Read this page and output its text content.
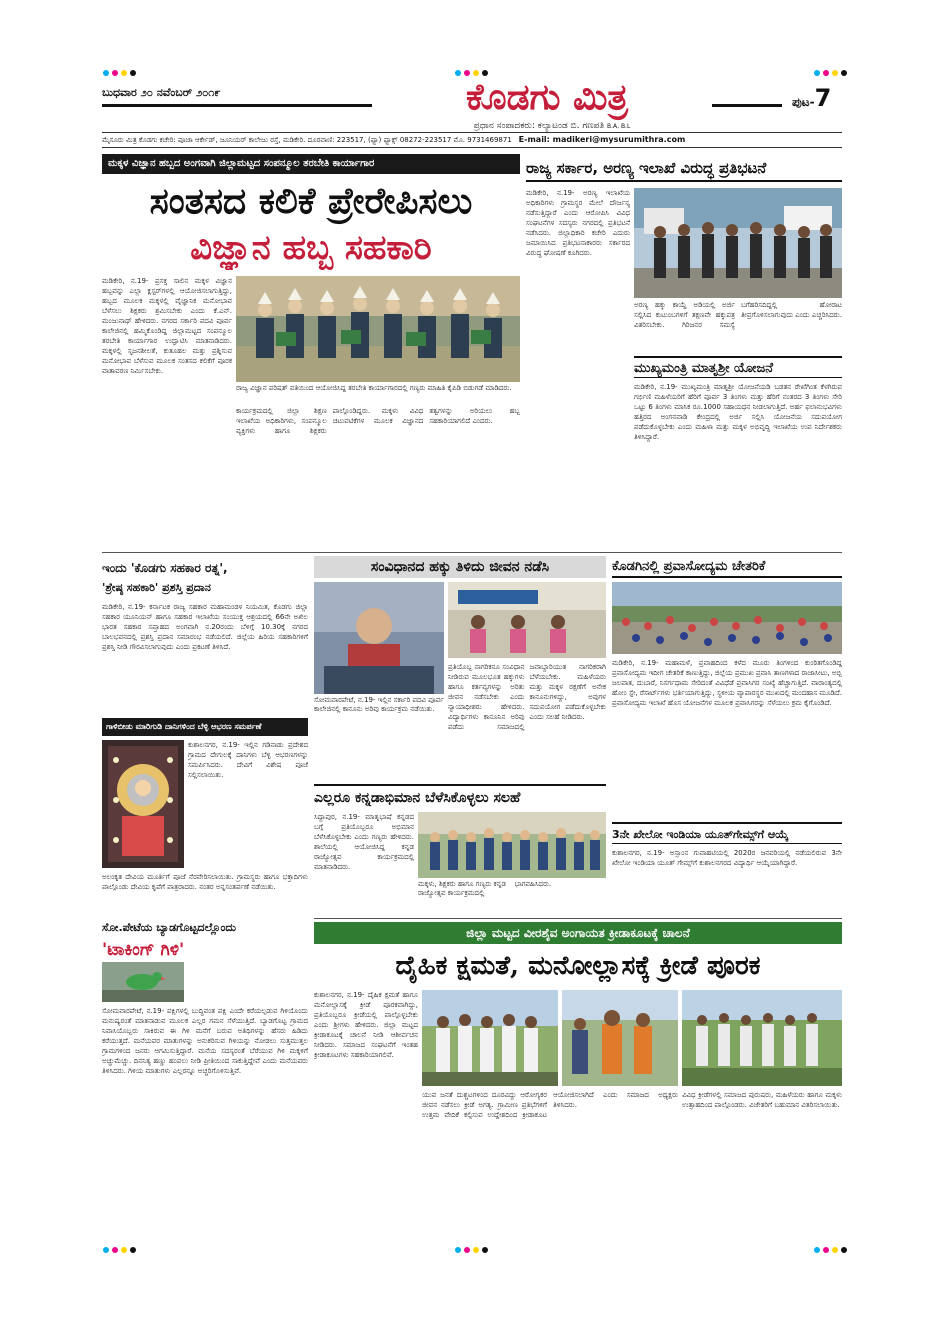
ಬುಧವಾರ ೨೦ ನವೆಂಬರ್ ೨೦೧೯	ಕೊಡಗು ಮಿತ್ರ	ಪುಟ-7
ಪ್ರಧಾನ ಸಂಪಾದಕರು: ಕಲ್ಯಾಟಂಡ ಬಿ. ಗಣಪತಿ B.A, B.L
ಮೈಸೂರು ಮಿತ್ರ ಕೊಡಗು ಕಚೇರಿ: ಪೂಜಾ ಆರ್ಕೇಡ್, ಜೂನಿಯರ್ ಕಾಲೇಜು ರಸ್ತೆ, ಮಡಿಕೇರಿ. ದೂರವಾಣಿ: 223517, (ಫ್ಯಾ) ಫ್ಯಾಕ್ಸ್ 08272-223517 ಮೊ. 9731469871 E-mail: madikeri@mysurumithra.com
ಮಕ್ಕಳ ವಿಜ್ಞಾನ ಹಬ್ಬದ ಅಂಗವಾಗಿ ಜಿಲ್ಲಾಮಟ್ಟದ ಸಂಪನ್ಮೂಲ ತರಬೇತಿ ಕಾರ್ಯಾಗಾರ
ಸಂತಸದ ಕಲಿಕೆ ಪ್ರೇರೇಪಿಸಲು
ವಿಜ್ಞಾನ ಹಬ್ಬ ಸಹಕಾರಿ
ಮಡಿಕೇರಿ, ನ.19- ಪ್ರಸಕ್ತ ಸಾಲಿನ ಮಕ್ಕಳ ವಿಜ್ಞಾನ ಹಬ್ಬವನ್ನು ಎಲ್ಲಾ ಕ್ಲಸ್ಟರ್‌ಗಳಲ್ಲಿ ಆಯೋಜಿಸಲಾಗುತ್ತಿದ್ದು, ಹಬ್ಬದ ಮೂಲಕ ಮಕ್ಕಳಲ್ಲಿ ವೈಜ್ಞಾನಿಕ ಮನೋಭಾವ ಬೆಳೆಸಲು ಶಿಕ್ಷಕರು ಶ್ರಮಿಸಬೇಕು ಎಂದು ಕೆ.ಎನ್. ಮಂಜುನಾಥ್ ಹೇಳಿದರು. ನಗರದ ಸರ್ಕಾರಿ ಪದವಿ ಪೂರ್ವ ಕಾಲೇಜಿನಲ್ಲಿ ಹಮ್ಮಿಕೊಂಡಿದ್ದ ಜಿಲ್ಲಾಮಟ್ಟದ ಸಂಪನ್ಮೂಲ ತರಬೇತಿ ಕಾರ್ಯಾಗಾರ ಉದ್ಘಾಟಿಸಿ ಮಾತನಾಡಿದರು. ಮಕ್ಕಳಲ್ಲಿ ಸೃಜನಶೀಲತೆ, ಕುತೂಹಲ ಮತ್ತು ಪ್ರಶ್ನಿಸುವ ಮನೋಭಾವ ಬೆಳೆಸುವ ಮೂಲಕ ಸಂತಸದ ಕಲಿಕೆಗೆ ಪೂರಕ ವಾತಾವರಣ ನಿರ್ಮಿಸಬೇಕು.
ರಾಜ್ಯ ವಿಜ್ಞಾನ ಪರಿಷತ್ ವತಿಯಿಂದ ಆಯೋಜಿಸಿದ್ದ ತರಬೇತಿ ಕಾರ್ಯಾಗಾರದಲ್ಲಿ ಗಣ್ಯರು ಮಾಹಿತಿ ಕೈಪಿಡಿ ಬಿಡುಗಡೆ ಮಾಡಿದರು.
ಕಾರ್ಯಕ್ರಮದಲ್ಲಿ ಜಿಲ್ಲಾ ಶಿಕ್ಷಣ ಇಲಾಖೆಯ ಅಧಿಕಾರಿಗಳು, ಸಂಪನ್ಮೂಲ ವ್ಯಕ್ತಿಗಳು ಹಾಗೂ ಶಿಕ್ಷಕರು ಪಾಲ್ಗೊಂಡಿದ್ದರು. ಮಕ್ಕಳು ವಿವಿಧ ಚಟುವಟಿಕೆಗಳ ಮೂಲಕ ವಿಜ್ಞಾನದ ತತ್ವಗಳನ್ನು ಅರಿಯಲು ಹಬ್ಬ ಸಹಕಾರಿಯಾಗಲಿದೆ ಎಂದರು.
ರಾಜ್ಯ ಸರ್ಕಾರ, ಅರಣ್ಯ ಇಲಾಖೆ ವಿರುದ್ಧ ಪ್ರತಿಭಟನೆ
ಮಡಿಕೇರಿ, ನ.19- ಅರಣ್ಯ ಇಲಾಖೆಯ ಅಧಿಕಾರಿಗಳು ಗ್ರಾಮಸ್ಥರ ಮೇಲೆ ದೌರ್ಜನ್ಯ ನಡೆಸುತ್ತಿದ್ದಾರೆ ಎಂದು ಆರೋಪಿಸಿ ವಿವಿಧ ಸಂಘಟನೆಗಳ ಸದಸ್ಯರು ನಗರದಲ್ಲಿ ಪ್ರತಿಭಟನೆ ನಡೆಸಿದರು. ಜಿಲ್ಲಾಧಿಕಾರಿ ಕಚೇರಿ ಎದುರು ಜಮಾಯಿಸಿದ ಪ್ರತಿಭಟನಾಕಾರರು ಸರ್ಕಾರದ ವಿರುದ್ಧ ಘೋಷಣೆ ಕೂಗಿದರು.
ಅರಣ್ಯ ಹಕ್ಕು ಕಾಯ್ದೆ ಅಡಿಯಲ್ಲಿ ಅರ್ಜಿ ಸಲ್ಲಿಸಿದ ಕುಟುಂಬಗಳಿಗೆ ತಕ್ಷಣವೇ ಹಕ್ಕುಪತ್ರ ವಿತರಿಸಬೇಕು. ಗಿರಿಜನರ ಸಮಸ್ಯೆ ಬಗೆಹರಿಸದಿದ್ದಲ್ಲಿ ಹೋರಾಟ ತೀವ್ರಗೊಳಿಸಲಾಗುವುದು ಎಂದು ಎಚ್ಚರಿಸಿದರು.
ಮುಖ್ಯಮಂತ್ರಿ ಮಾತೃಶ್ರೀ ಯೋಜನೆ
ಮಡಿಕೇರಿ, ನ.19- ಮುಖ್ಯಮಂತ್ರಿ ಮಾತೃಶ್ರೀ ಯೋಜನೆಯಡಿ ಬಡತನ ರೇಖೆಗಿಂತ ಕೆಳಗಿರುವ ಗರ್ಭಿಣಿ ಮಹಿಳೆಯರಿಗೆ ಹೆರಿಗೆ ಪೂರ್ವ 3 ತಿಂಗಳು ಮತ್ತು ಹೆರಿಗೆ ನಂತರದ 3 ತಿಂಗಳು ಸೇರಿ ಒಟ್ಟು 6 ತಿಂಗಳು ಮಾಸಿಕ ರೂ.1000 ಸಹಾಯಧನ ನೀಡಲಾಗುತ್ತಿದೆ. ಅರ್ಹ ಫಲಾನುಭವಿಗಳು ಹತ್ತಿರದ ಅಂಗನವಾಡಿ ಕೇಂದ್ರದಲ್ಲಿ ಅರ್ಜಿ ಸಲ್ಲಿಸಿ ಯೋಜನೆಯ ಸದುಪಯೋಗ ಪಡೆದುಕೊಳ್ಳಬೇಕು ಎಂದು ಮಹಿಳಾ ಮತ್ತು ಮಕ್ಕಳ ಅಭಿವೃದ್ಧಿ ಇಲಾಖೆಯ ಉಪ ನಿರ್ದೇಶಕರು ತಿಳಿಸಿದ್ದಾರೆ.
ಇಂದು 'ಕೊಡಗು ಸಹಕಾರ ರತ್ನ',
'ಶ್ರೇಷ್ಠ ಸಹಕಾರಿ' ಪ್ರಶಸ್ತಿ ಪ್ರದಾನ
ಮಡಿಕೇರಿ, ನ.19- ಕರ್ನಾಟಕ ರಾಜ್ಯ ಸಹಕಾರ ಮಹಾಮಂಡಳ ನಿಯಮಿತ, ಕೊಡಗು ಜಿಲ್ಲಾ ಸಹಕಾರ ಯೂನಿಯನ್ ಹಾಗೂ ಸಹಕಾರ ಇಲಾಖೆಯ ಸಂಯುಕ್ತ ಆಶ್ರಯದಲ್ಲಿ 66ನೇ ಅಖಿಲ ಭಾರತ ಸಹಕಾರ ಸಪ್ತಾಹದ ಅಂಗವಾಗಿ ನ.20ರಂದು ಬೆಳಿಗ್ಗೆ 10.30ಕ್ಕೆ ನಗರದ ಬಾಲಭವನದಲ್ಲಿ ಪ್ರಶಸ್ತಿ ಪ್ರದಾನ ಸಮಾರಂಭ ನಡೆಯಲಿದೆ. ಜಿಲ್ಲೆಯ ಹಿರಿಯ ಸಹಕಾರಿಗಳಿಗೆ ಪ್ರಶಸ್ತಿ ನೀಡಿ ಗೌರವಿಸಲಾಗುವುದು ಎಂದು ಪ್ರಕಟಣೆ ತಿಳಿಸಿದೆ.
ಗಾಳಿಬೀಡು ಮಾರಿಗುಡಿ ದಾನಿಗಳಿಂದ ಬೆಳ್ಳಿ ಆಭರಣ ಸಮರ್ಪಣೆ
ಕುಶಾಲನಗರ, ನ.19- ಇಲ್ಲಿನ ಗಡಿನಾಡು ಪ್ರದೇಶದ ಗ್ರಾಮದ ದೇಗುಲಕ್ಕೆ ದಾನಿಗಳು ಬೆಳ್ಳಿ ಆಭರಣಗಳನ್ನು ಸಮರ್ಪಿಸಿದರು. ದೇವಿಗೆ ವಿಶೇಷ ಪೂಜೆ ಸಲ್ಲಿಸಲಾಯಿತು.
ಅಲಂಕೃತ ದೇವಿಯ ಮೂರ್ತಿಗೆ ಪೂಜೆ ನೆರವೇರಿಸಲಾಯಿತು. ಗ್ರಾಮಸ್ಥರು ಹಾಗೂ ಭಕ್ತಾದಿಗಳು ಪಾಲ್ಗೊಂಡು ದೇವಿಯ ಕೃಪೆಗೆ ಪಾತ್ರರಾದರು. ನಂತರ ಅನ್ನಸಂತರ್ಪಣೆ ನಡೆಯಿತು.
ಸೋ.ಪೇಟೆಯ ಬ್ಯಾಡಗೊಟ್ಟದಲ್ಲೊಂದು
'ಟಾಕಿಂಗ್ ಗಿಳಿ'
ಸೋಮವಾರಪೇಟೆ, ನ.19- ಪಕ್ಷಿಗಳಲ್ಲಿ ಬುದ್ಧಿವಂತ ಪಕ್ಷಿ ಎಂದೇ ಕರೆಯಲ್ಪಡುವ ಗಿಳಿಯೊಂದು ಮನುಷ್ಯರಂತೆ ಮಾತನಾಡುವ ಮೂಲಕ ಎಲ್ಲರ ಗಮನ ಸೆಳೆಯುತ್ತಿದೆ. ಬ್ಯಾಡಗೊಟ್ಟ ಗ್ರಾಮದ ನಿವಾಸಿಯೊಬ್ಬರು ಸಾಕಿರುವ ಈ ಗಿಳಿ ಮನೆಗೆ ಬರುವ ಅತಿಥಿಗಳನ್ನು ಹೆಸರು ಹಿಡಿದು ಕರೆಯುತ್ತದೆ. ಮನೆಯವರ ಮಾತುಗಳನ್ನು ಅನುಕರಿಸುವ ಗಿಳಿಯನ್ನು ನೋಡಲು ಸುತ್ತಮುತ್ತಲ ಗ್ರಾಮಗಳಿಂದ ಜನರು ಆಗಮಿಸುತ್ತಿದ್ದಾರೆ. ಮನೆಯ ಸದಸ್ಯರಂತೆ ಬೆರೆಯುವ ಗಿಳಿ ಮಕ್ಕಳಿಗೆ ಅಚ್ಚುಮೆಚ್ಚು. ದಿನನಿತ್ಯ ಹಣ್ಣು ಹಂಪಲು ನೀಡಿ ಪ್ರೀತಿಯಿಂದ ಸಾಕುತ್ತಿದ್ದೇವೆ ಎಂದು ಮನೆಯವರು ತಿಳಿಸಿದರು. ಗಿಳಿಯ ಮಾತುಗಳು ಎಲ್ಲರನ್ನೂ ಅಚ್ಚರಿಗೊಳಿಸುತ್ತಿವೆ.
ಸಂವಿಧಾನದ ಹಕ್ಕು ತಿಳಿದು ಜೀವನ ನಡೆಸಿ
ಸೋಮವಾರಪೇಟೆ, ನ.19- ಇಲ್ಲಿನ ಸರ್ಕಾರಿ ಪದವಿ ಪೂರ್ವ ಕಾಲೇಜಿನಲ್ಲಿ ಕಾನೂನು ಅರಿವು ಕಾರ್ಯಕ್ರಮ ನಡೆಯಿತು.
ಪ್ರತಿಯೊಬ್ಬ ನಾಗರಿಕನೂ ಸಂವಿಧಾನ ನೀಡಿರುವ ಮೂಲಭೂತ ಹಕ್ಕುಗಳು ಹಾಗೂ ಕರ್ತವ್ಯಗಳನ್ನು ಅರಿತು ಜೀವನ ನಡೆಸಬೇಕು ಎಂದು ನ್ಯಾಯಾಧೀಶರು ಹೇಳಿದರು. ವಿದ್ಯಾರ್ಥಿಗಳು ಕಾನೂನಿನ ಅರಿವು ಪಡೆದು ಸಮಾಜದಲ್ಲಿ ಜವಾಬ್ದಾರಿಯುತ ನಾಗರಿಕರಾಗಿ ಬೆಳೆಯಬೇಕು. ಮಹಿಳೆಯರು ಮತ್ತು ಮಕ್ಕಳ ರಕ್ಷಣೆಗೆ ಅನೇಕ ಕಾನೂನುಗಳಿದ್ದು, ಅವುಗಳ ಸದುಪಯೋಗ ಪಡೆದುಕೊಳ್ಳಬೇಕು ಎಂದು ಸಲಹೆ ನೀಡಿದರು.
ಎಲ್ಲರೂ ಕನ್ನಡಾಭಿಮಾನ ಬೆಳೆಸಿಕೊಳ್ಳಲು ಸಲಹೆ
ಸಿದ್ದಾಪುರ, ನ.19- ಮಾತೃಭಾಷೆ ಕನ್ನಡದ ಬಗ್ಗೆ ಪ್ರತಿಯೊಬ್ಬರೂ ಅಭಿಮಾನ ಬೆಳೆಸಿಕೊಳ್ಳಬೇಕು ಎಂದು ಗಣ್ಯರು ಹೇಳಿದರು. ಶಾಲೆಯಲ್ಲಿ ಆಯೋಜಿಸಿದ್ದ ಕನ್ನಡ ರಾಜ್ಯೋತ್ಸವ ಕಾರ್ಯಕ್ರಮದಲ್ಲಿ ಮಾತನಾಡಿದರು.
ಮಕ್ಕಳು, ಶಿಕ್ಷಕರು ಹಾಗೂ ಗಣ್ಯರು ಕನ್ನಡ ರಾಜ್ಯೋತ್ಸವ ಕಾರ್ಯಕ್ರಮದಲ್ಲಿ ಭಾಗವಹಿಸಿದರು.
ಕೊಡಗಿನಲ್ಲಿ ಪ್ರವಾಸೋದ್ಯಮ ಚೇತರಿಕೆ
ಮಡಿಕೇರಿ, ನ.19- ಮಹಾಮಳೆ, ಪ್ರವಾಹದಿಂದ ಕಳೆದ ಮೂರು ತಿಂಗಳಿಂದ ಕುಂಠಿತಗೊಂಡಿದ್ದ ಪ್ರವಾಸೋದ್ಯಮ ಇದೀಗ ಚೇತರಿಕೆ ಕಾಣುತ್ತಿದ್ದು, ಜಿಲ್ಲೆಯ ಪ್ರಮುಖ ಪ್ರವಾಸಿ ತಾಣಗಳಾದ ರಾಜಾಸೀಟು, ಅಬ್ಬಿ ಜಲಪಾತ, ದುಬಾರೆ, ನಿಸರ್ಗಧಾಮ ಸೇರಿದಂತೆ ವಿವಿಧೆಡೆ ಪ್ರವಾಸಿಗರ ಸಂಖ್ಯೆ ಹೆಚ್ಚಾಗುತ್ತಿದೆ. ವಾರಾಂತ್ಯದಲ್ಲಿ ಹೋಂ ಸ್ಟೇ, ರೆಸಾರ್ಟ್‌ಗಳು ಭರ್ತಿಯಾಗುತ್ತಿದ್ದು, ಸ್ಥಳೀಯ ವ್ಯಾಪಾರಸ್ಥರ ಮುಖದಲ್ಲಿ ಮಂದಹಾಸ ಮೂಡಿದೆ. ಪ್ರವಾಸೋದ್ಯಮ ಇಲಾಖೆ ಹೊಸ ಯೋಜನೆಗಳ ಮೂಲಕ ಪ್ರವಾಸಿಗರನ್ನು ಸೆಳೆಯಲು ಕ್ರಮ ಕೈಗೊಂಡಿದೆ.
3ನೇ ಖೇಲೋ ಇಂಡಿಯಾ ಯೂತ್‌ಗೇಮ್ಸ್‌ಗೆ ಆಯ್ಕೆ
ಕುಶಾಲನಗರ, ನ.19- ಅಸ್ಸಾಂನ ಗುವಾಹಟಿಯಲ್ಲಿ 2020ರ ಜನವರಿಯಲ್ಲಿ ನಡೆಯಲಿರುವ 3ನೇ ಖೇಲೋ ಇಂಡಿಯಾ ಯೂತ್ ಗೇಮ್ಸ್‌ಗೆ ಕುಶಾಲನಗರದ ವಿದ್ಯಾರ್ಥಿ ಆಯ್ಕೆಯಾಗಿದ್ದಾರೆ.
ಜಿಲ್ಲಾ ಮಟ್ಟದ ವೀರಶೈವ ಅಂಗಾಯತ ಕ್ರೀಡಾಕೂಟಕ್ಕೆ ಚಾಲನೆ
ದೈಹಿಕ ಕ್ಷಮತೆ, ಮನೋಲ್ಲಾಸಕ್ಕೆ ಕ್ರೀಡೆ ಪೂರಕ
ಕುಶಾಲನಗರ, ನ.19- ದೈಹಿಕ ಕ್ಷಮತೆ ಹಾಗೂ ಮನೋಲ್ಲಾಸಕ್ಕೆ ಕ್ರೀಡೆ ಪೂರಕವಾಗಿದ್ದು, ಪ್ರತಿಯೊಬ್ಬರೂ ಕ್ರೀಡೆಯಲ್ಲಿ ಪಾಲ್ಗೊಳ್ಳಬೇಕು ಎಂದು ಶ್ರೀಗಳು ಹೇಳಿದರು. ಜಿಲ್ಲಾ ಮಟ್ಟದ ಕ್ರೀಡಾಕೂಟಕ್ಕೆ ಚಾಲನೆ ನೀಡಿ ಆಶೀರ್ವಚನ ನೀಡಿದರು. ಸಮಾಜದ ಸಂಘಟನೆಗೆ ಇಂತಹ ಕ್ರೀಡಾಕೂಟಗಳು ಸಹಕಾರಿಯಾಗಲಿವೆ.
ಯುವ ಜನತೆ ದುಶ್ಚಟಗಳಿಂದ ದೂರವಿದ್ದು ಆರೋಗ್ಯಕರ ಜೀವನ ನಡೆಸಲು ಕ್ರೀಡೆ ಅಗತ್ಯ. ಗ್ರಾಮೀಣ ಪ್ರತಿಭೆಗಳಿಗೆ ಉತ್ತಮ ವೇದಿಕೆ ಕಲ್ಪಿಸುವ ಉದ್ದೇಶದಿಂದ ಕ್ರೀಡಾಕೂಟ ಆಯೋಜಿಸಲಾಗಿದೆ ಎಂದು ಸಮಾಜದ ಅಧ್ಯಕ್ಷರು ತಿಳಿಸಿದರು.
ವಿವಿಧ ಕ್ರೀಡೆಗಳಲ್ಲಿ ಸಮಾಜದ ಪುರುಷರು, ಮಹಿಳೆಯರು ಹಾಗೂ ಮಕ್ಕಳು ಉತ್ಸಾಹದಿಂದ ಪಾಲ್ಗೊಂಡರು. ವಿಜೇತರಿಗೆ ಬಹುಮಾನ ವಿತರಿಸಲಾಯಿತು.
